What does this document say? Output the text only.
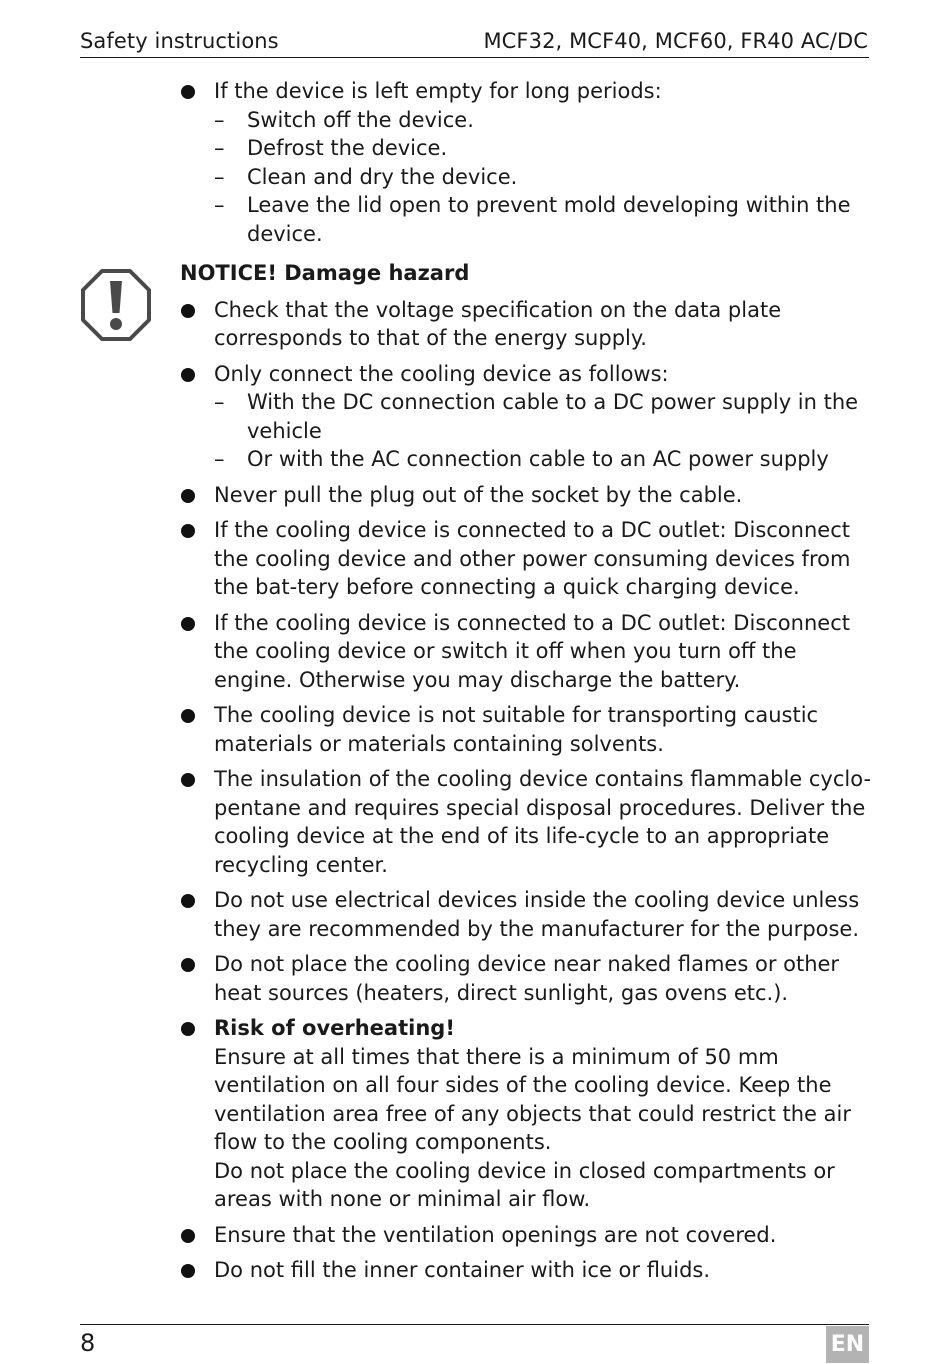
Safety instructions	MCF32, MCF40, MCF60, FR40 AC/DC
If the device is left empty for long periods:
– Switch off the device.
– Defrost the device.
– Clean and dry the device.
– Leave the lid open to prevent mold developing within the device.
NOTICE! Damage hazard
Check that the voltage specification on the data plate corresponds to that of the energy supply.
Only connect the cooling device as follows:
– With the DC connection cable to a DC power supply in the vehicle
– Or with the AC connection cable to an AC power supply
Never pull the plug out of the socket by the cable.
If the cooling device is connected to a DC outlet: Disconnect the cooling device and other power consuming devices from the bat-tery before connecting a quick charging device.
If the cooling device is connected to a DC outlet: Disconnect the cooling device or switch it off when you turn off the engine. Otherwise you may discharge the battery.
The cooling device is not suitable for transporting caustic materials or materials containing solvents.
The insulation of the cooling device contains flammable cyclo-pentane and requires special disposal procedures. Deliver the cooling device at the end of its life-cycle to an appropriate recycling center.
Do not use electrical devices inside the cooling device unless they are recommended by the manufacturer for the purpose.
Do not place the cooling device near naked flames or other heat sources (heaters, direct sunlight, gas ovens etc.).
Risk of overheating!
Ensure at all times that there is a minimum of 50 mm ventilation on all four sides of the cooling device. Keep the ventilation area free of any objects that could restrict the air flow to the cooling components.
Do not place the cooling device in closed compartments or areas with none or minimal air flow.
Ensure that the ventilation openings are not covered.
Do not fill the inner container with ice or fluids.
8	EN
